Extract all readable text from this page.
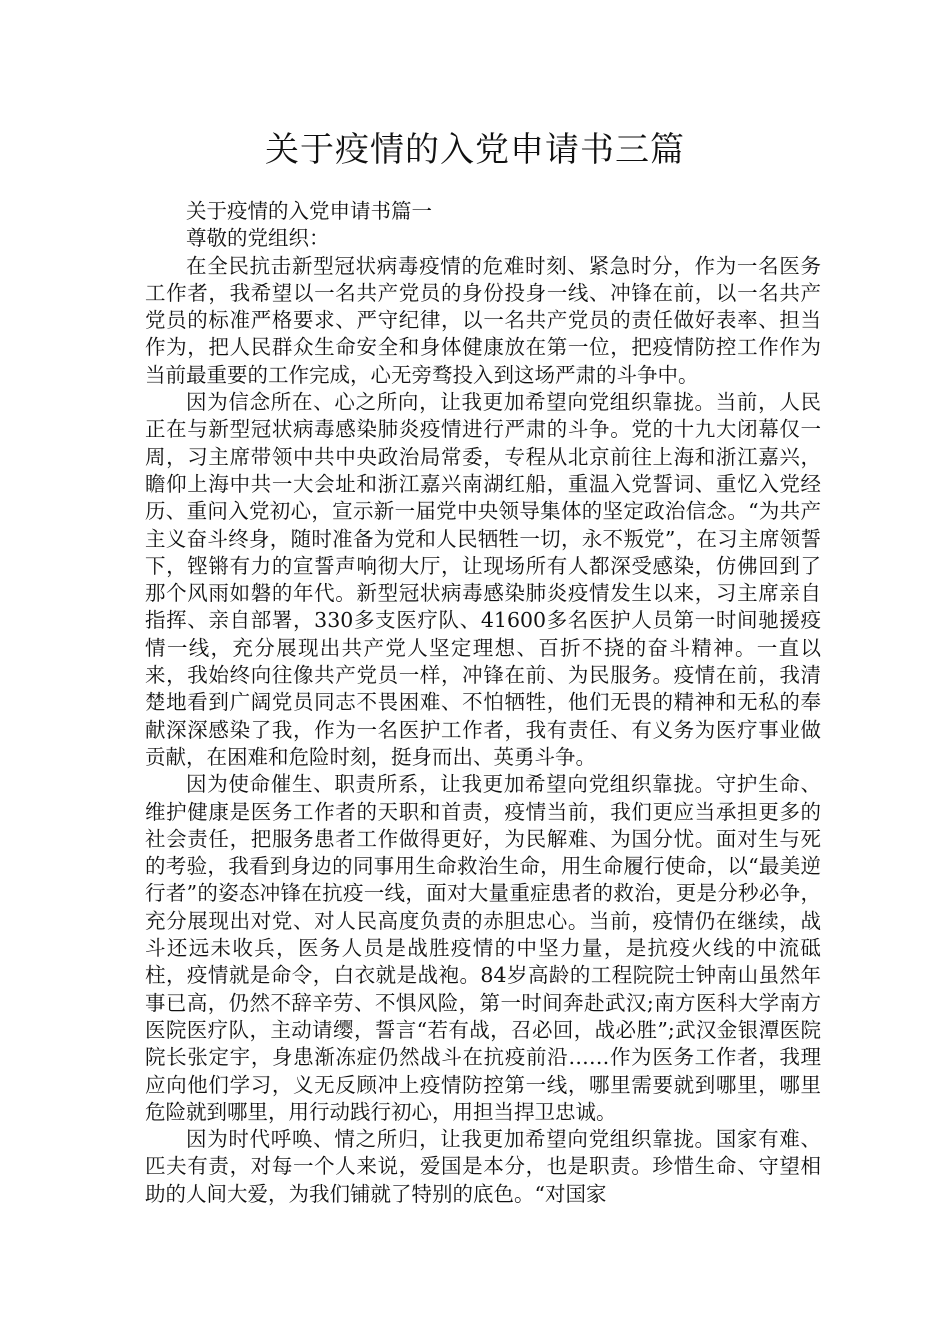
关于疫情的入党申请书三篇

关于疫情的入党申请书篇一

尊敬的党组织：

在全民抗击新型冠状病毒疫情的危难时刻、紧急时分，作为一名医务工作者，我希望以一名共产党员的身份投身一线、冲锋在前，以一名共产党员的标准严格要求、严守纪律，以一名共产党员的责任做好表率、担当作为，把人民群众生命安全和身体健康放在第一位，把疫情防控工作作为当前最重要的工作完成，心无旁骛投入到这场严肃的斗争中。

因为信念所在、心之所向，让我更加希望向党组织靠拢。当前，人民正在与新型冠状病毒感染肺炎疫情进行严肃的斗争。党的十九大闭幕仅一周，习主席带领中共中央政治局常委，专程从北京前往上海和浙江嘉兴，瞻仰上海中共一大会址和浙江嘉兴南湖红船，重温入党誓词、重忆入党经历、重问入党初心，宣示新一届党中央领导集体的坚定政治信念。“为共产主义奋斗终身，随时准备为党和人民牺牲一切，永不叛党”，在习主席领誓下，铿锵有力的宣誓声响彻大厅，让现场所有人都深受感染，仿佛回到了那个风雨如磐的年代。新型冠状病毒感染肺炎疫情发生以来，习主席亲自指挥、亲自部署，330多支医疗队、41600多名医护人员第一时间驰援疫情一线，充分展现出共产党人坚定理想、百折不挠的奋斗精神。一直以来，我始终向往像共产党员一样，冲锋在前、为民服务。疫情在前，我清楚地看到广阔党员同志不畏困难、不怕牺牲，他们无畏的精神和无私的奉献深深感染了我，作为一名医护工作者，我有责任、有义务为医疗事业做贡献，在困难和危险时刻，挺身而出、英勇斗争。

因为使命催生、职责所系，让我更加希望向党组织靠拢。守护生命、维护健康是医务工作者的天职和首责，疫情当前，我们更应当承担更多的社会责任，把服务患者工作做得更好，为民解难、为国分忧。面对生与死的考验，我看到身边的同事用生命救治生命，用生命履行使命，以“最美逆行者”的姿态冲锋在抗疫一线，面对大量重症患者的救治，更是分秒必争，充分展现出对党、对人民高度负责的赤胆忠心。当前，疫情仍在继续，战斗还远未收兵，医务人员是战胜疫情的中坚力量，是抗疫火线的中流砥柱，疫情就是命令，白衣就是战袍。84岁高龄的工程院院士钟南山虽然年事已高，仍然不辞辛劳、不惧风险，第一时间奔赴武汉;南方医科大学南方医院医疗队，主动请缨，誓言“若有战，召必回，战必胜”;武汉金银潭医院院长张定宇，身患渐冻症仍然战斗在抗疫前沿……作为医务工作者，我理应向他们学习，义无反顾冲上疫情防控第一线，哪里需要就到哪里，哪里危险就到哪里，用行动践行初心，用担当捍卫忠诚。

因为时代呼唤、情之所归，让我更加希望向党组织靠拢。国家有难、匹夫有责，对每一个人来说，爱国是本分，也是职责。珍惜生命、守望相助的人间大爱，为我们铺就了特别的底色。“对国家
